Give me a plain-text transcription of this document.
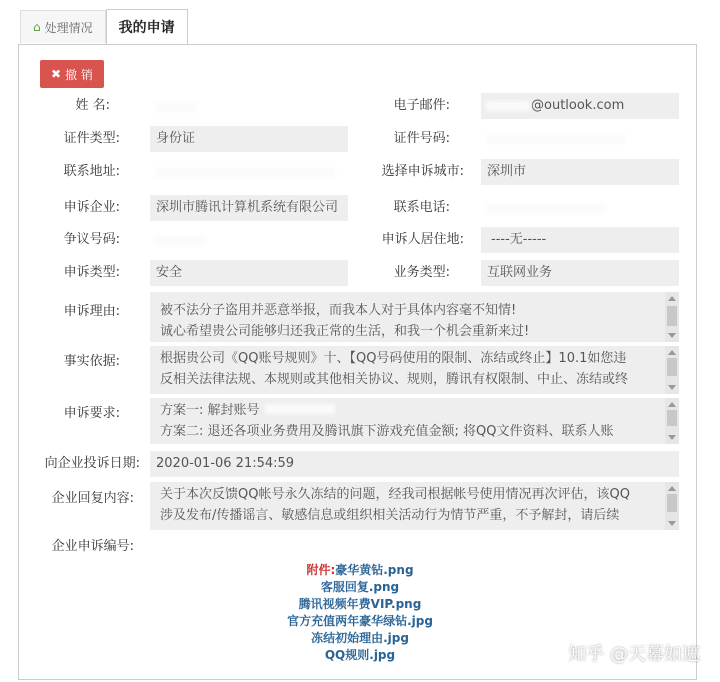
⌂ 处理情况 我的申请
✖ 撤 销
姓 名:	电子邮件:	@outlook.com
证件类型:	身份证	证件号码:
联系地址:	选择申诉城市:	深圳市
申诉企业:	深圳市腾讯计算机系统有限公司	联系电话:
争议号码:	申诉人居住地:	----无-----
申诉类型:	安全	业务类型:	互联网业务
申诉理由:	被不法分子盗用并恶意举报，而我本人对于具体内容毫不知情!
诚心希望贵公司能够归还我正常的生活，和我一个机会重新来过!
事实依据:	根据贵公司《QQ账号规则》十、【QQ号码使用的限制、冻结或终止】10.1如您违
反相关法律法规、本规则或其他相关协议、规则，腾讯有权限制、中止、冻结或终
申诉要求:	方案一: 解封账号
方案二: 退还各项业务费用及腾讯旗下游戏充值金额; 将QQ文件资料、联系人账
向企业投诉日期:	2020-01-06 21:54:59
企业回复内容: 关于本次反馈QQ帐号永久冻结的问题，经我司根据帐号使用情况再次评估，该QQ
涉及发布/传播谣言、敏感信息或组织相关活动行为情节严重，不予解封，请后续
企业申诉编号:
附件:豪华黄钻.png
客服回复.png
腾讯视频年费VIP.png
官方充值两年豪华绿钻.jpg
冻结初始理由.jpg
QQ规则.jpg	知乎 @天幕如遮
